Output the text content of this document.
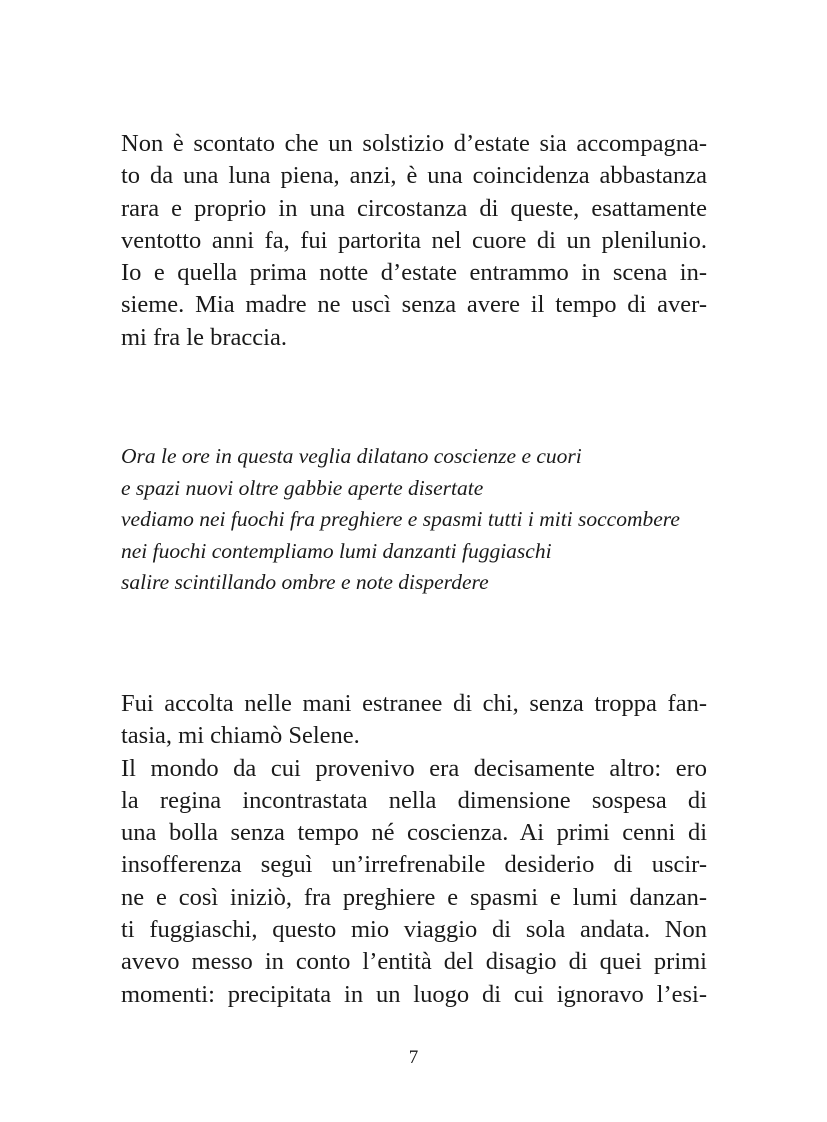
Non è scontato che un solstizio d’estate sia accompagna-
to da una luna piena, anzi, è una coincidenza abbastanza
rara e proprio in una circostanza di queste, esattamente
ventotto anni fa, fui partorita nel cuore di un plenilunio.
Io e quella prima notte d’estate entrammo in scena in-
sieme. Mia madre ne uscì senza avere il tempo di aver-
mi fra le braccia.

Ora le ore in questa veglia dilatano coscienze e cuori
e spazi nuovi oltre gabbie aperte disertate
vediamo nei fuochi fra preghiere e spasmi tutti i miti soccombere
nei fuochi contempliamo lumi danzanti fuggiaschi
salire scintillando ombre e note disperdere

Fui accolta nelle mani estranee di chi, senza troppa fan-
tasia, mi chiamò Selene.
Il mondo da cui provenivo era decisamente altro: ero
la regina incontrastata nella dimensione sospesa di
una bolla senza tempo né coscienza. Ai primi cenni di
insofferenza seguì un’irrefrenabile desiderio di uscir-
ne e così iniziò, fra preghiere e spasmi e lumi danzan-
ti fuggiaschi, questo mio viaggio di sola andata. Non
avevo messo in conto l’entità del disagio di quei primi
momenti: precipitata in un luogo di cui ignoravo l’esi-

7
